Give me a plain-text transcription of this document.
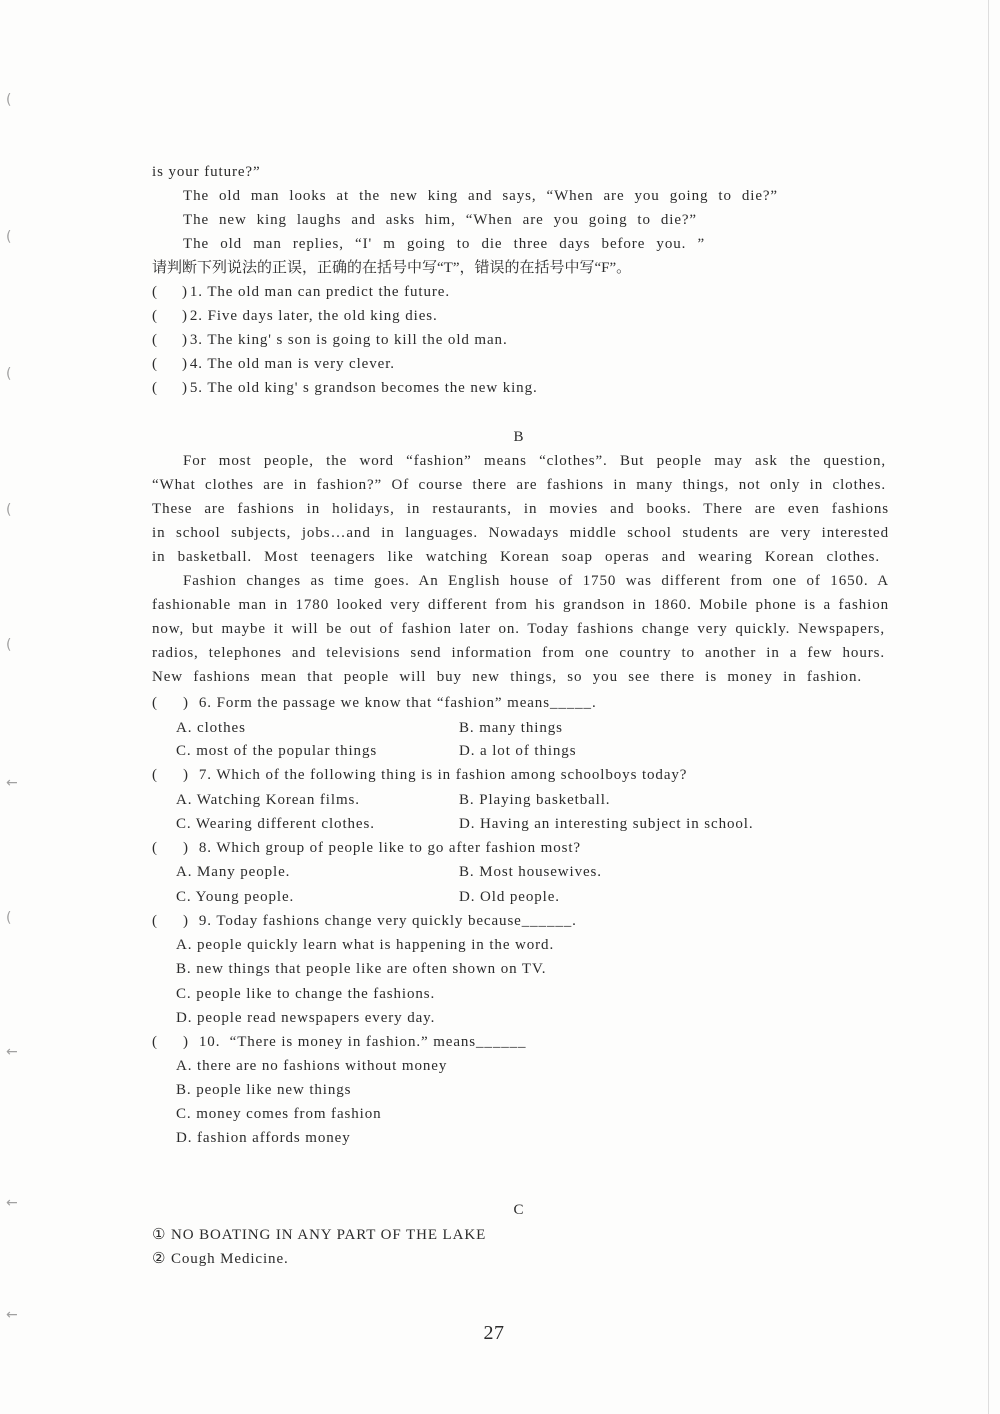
(
(
(
(
(
←
(
←
←
←
is your future?”
The old man looks at the new king and says, “When are you going to die?”
The new king laughs and asks him, “When are you going to die?”
The old man replies, “I' m going to die three days before you. ”
请判断下列说法的正误，正确的在括号中写“T”，错误的在括号中写“F”。
( ) 1. The old man can predict the future.
( ) 2. Five days later, the old king dies.
( ) 3. The king' s son is going to kill the old man.
( ) 4. The old man is very clever.
( ) 5. The old king' s grandson becomes the new king.
B
For most people, the word “fashion” means “clothes”. But people may ask the question,
“What clothes are in fashion?” Of course there are fashions in many things, not only in clothes.
These are fashions in holidays, in restaurants, in movies and books. There are even fashions
in school subjects, jobs…and in languages. Nowadays middle school students are very interested
in basketball. Most teenagers like watching Korean soap operas and wearing Korean clothes.
Fashion changes as time goes. An English house of 1750 was different from one of 1650. A
fashionable man in 1780 looked very different from his grandson in 1860. Mobile phone is a fashion
now, but maybe it will be out of fashion later on. Today fashions change very quickly. Newspapers,
radios, telephones and televisions send information from one country to another in a few hours.
New fashions mean that people will buy new things, so you see there is money in fashion.
( ) 6. Form the passage we know that “fashion” means_____.
A. clothes	B. many things
C. most of the popular things	D. a lot of things
( ) 7. Which of the following thing is in fashion among schoolboys today?
A. Watching Korean films.	B. Playing basketball.
C. Wearing different clothes.	D. Having an interesting subject in school.
( ) 8. Which group of people like to go after fashion most?
A. Many people.	B. Most housewives.
C. Young people.	D. Old people.
( ) 9. Today fashions change very quickly because______.
A. people quickly learn what is happening in the word.
B. new things that people like are often shown on TV.
C. people like to change the fashions.
D. people read newspapers every day.
( ) 10.  “There is money in fashion.” means______
A. there are no fashions without money
B. people like new things
C. money comes from fashion
D. fashion affords money
C
① NO BOATING IN ANY PART OF THE LAKE
② Cough Medicine.
27
